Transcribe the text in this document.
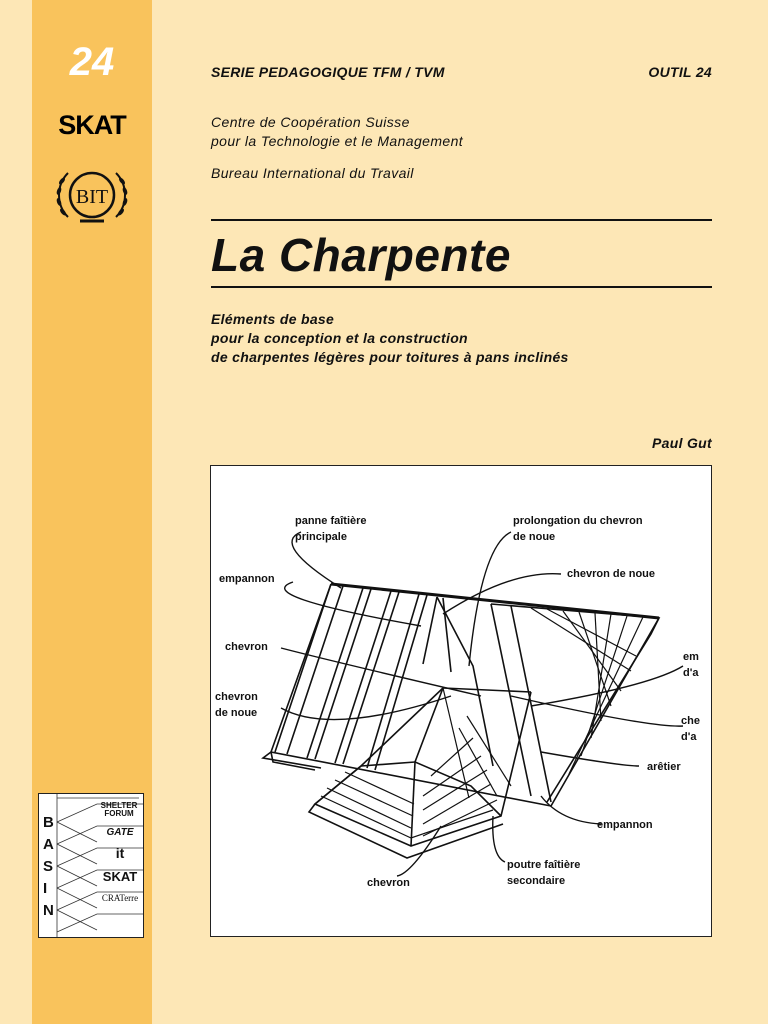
24
SKAT
BIT
B
A
S
I
N
SHELTER FORUM
GATE
it
SKAT
CRATerre
SERIE PEDAGOGIQUE TFM / TVM	OUTIL 24
Centre de Coopération Suisse
pour la Technologie et le Management
Bureau International du Travail
La Charpente
Eléments de base
pour la conception et la construction
de charpentes légères pour toitures à pans inclinés
Paul Gut
panne faîtière
principale
prolongation du chevron
de noue
chevron de noue
empannon
chevron
chevron
de noue
em
d'a
che
d'a
arêtier
empannon
poutre faîtière
secondaire
chevron
